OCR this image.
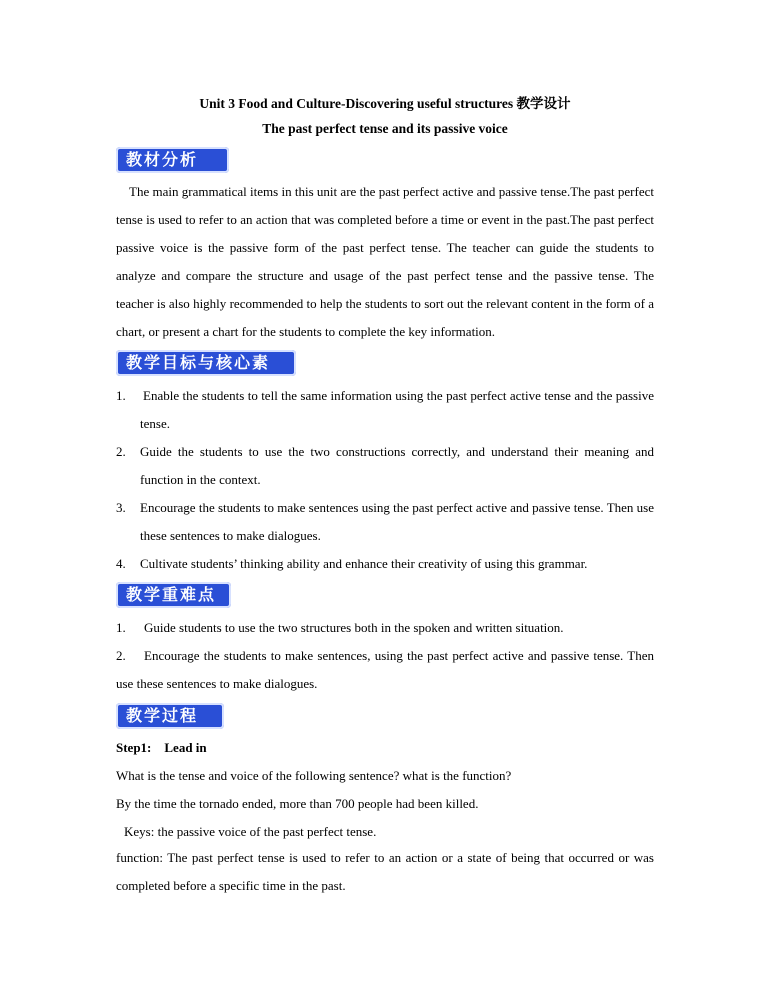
Unit 3 Food and Culture-Discovering useful structures 教学设计
The past perfect tense and its passive voice
教材分析
The main grammatical items in this unit are the past perfect active and passive tense.The past perfect tense is used to refer to an action that was completed before a time or event in the past.The past perfect passive voice is the passive form of the past perfect tense. The teacher can guide the students to analyze and compare the structure and usage of the past perfect tense and the passive tense. The teacher is also highly recommended to help the students to sort out the relevant content in the form of a chart, or present a chart for the students to complete the key information.
教学目标与核心素养
1. Enable the students to tell the same information using the past perfect active tense and the passive tense.
2. Guide the students to use the two constructions correctly, and understand their meaning and function in the context.
3. Encourage the students to make sentences using the past perfect active and passive tense. Then use these sentences to make dialogues.
4. Cultivate students’ thinking ability and enhance their creativity of using this grammar.
教学重难点
1. Guide students to use the two structures both in the spoken and written situation.
2.	Encourage the students to make sentences, using the past perfect active and passive tense. Then use these sentences to make dialogues.
教学过程
Step1:    Lead in
What is the tense and voice of the following sentence? what is the function?
By the time the tornado ended, more than 700 people had been killed.
Keys: the passive voice of the past perfect tense.
function: The past perfect tense is used to refer to an action or a state of being that occurred or was completed before a specific time in the past.
